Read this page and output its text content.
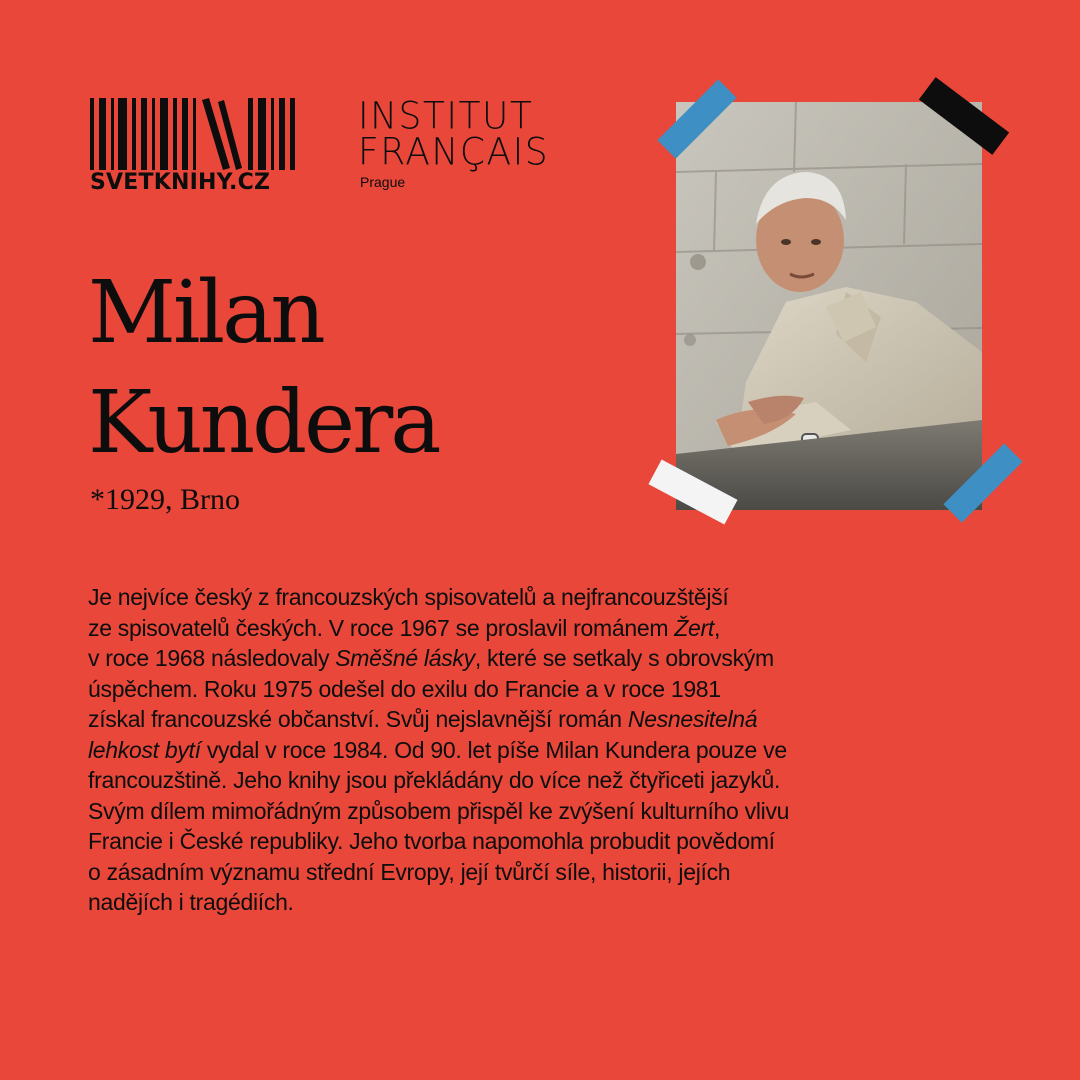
SVETKNIHY.CZ
INSTITUT
FRANÇAIS
Prague
Milan
Kundera
*1929, Brno
Je nejvíce český z francouzských spisovatelů a nejfrancouzštější
ze spisovatelů českých. V roce 1967 se proslavil románem Žert,
v roce 1968 následovaly Směšné lásky, které se setkaly s obrovským
úspěchem. Roku 1975 odešel do exilu do Francie a v roce 1981
získal francouzské občanství. Svůj nejslavnější román Nesnesitelná
lehkost bytí vydal v roce 1984. Od 90. let píše Milan Kundera pouze ve
francouzštině. Jeho knihy jsou překládány do více než čtyřiceti jazyků.
Svým dílem mimořádným způsobem přispěl ke zvýšení kulturního vlivu
Francie i České republiky. Jeho tvorba napomohla probudit povědomí
o zásadním významu střední Evropy, její tvůrčí síle, historii, jejích
nadějích i tragédiích.
